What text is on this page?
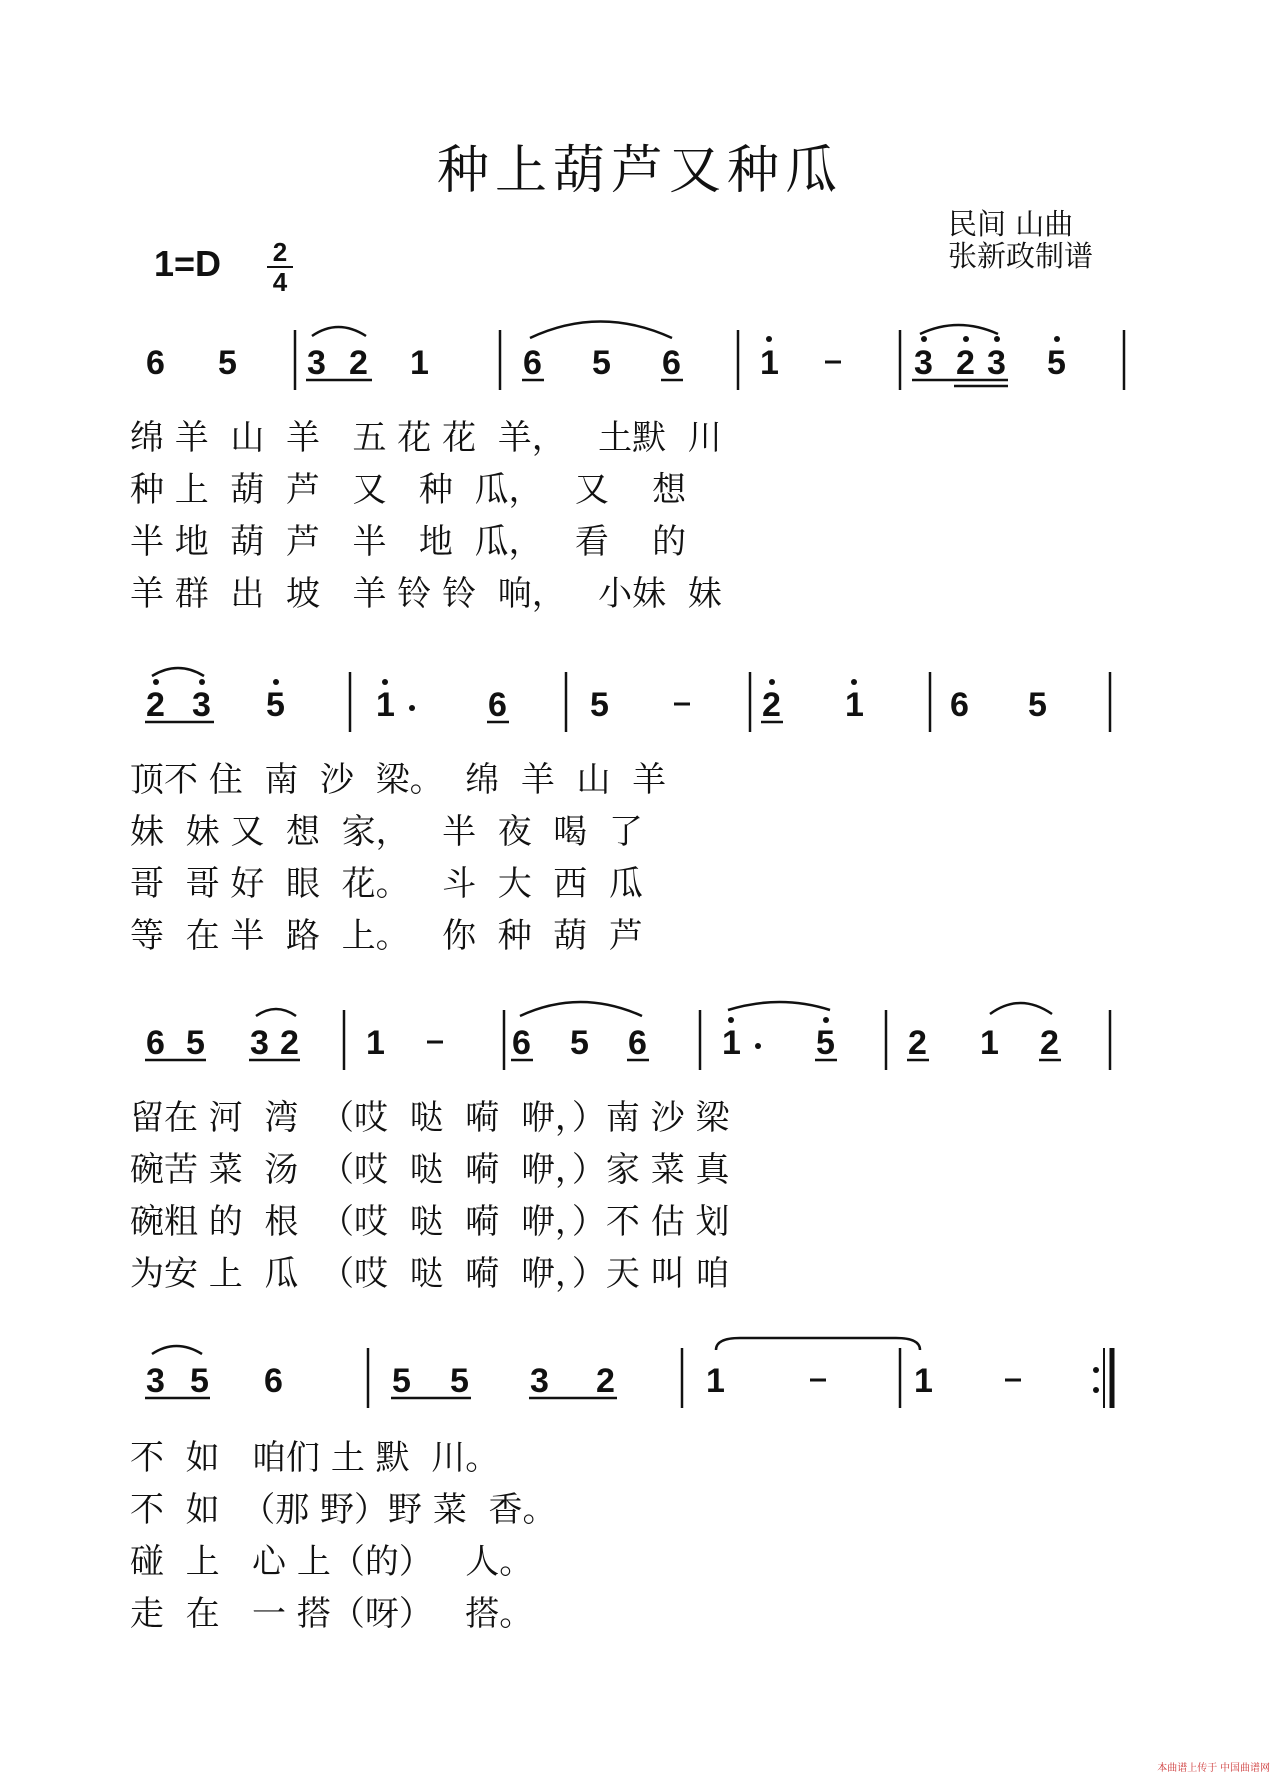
种上葫芦又种瓜
1=D 2
4
民间 山曲
张新政制谱
6 5 3 2 1	6 5 6 1	3 2 3 5
2 3 5	1	6 5	2 1	6 5
6 5 3 2 1	6 5 6 1 5 2 1 2
3 5 6	5 5 3 2	1	1
绵 羊  山  羊   五 花 花  羊，   土默  川
种 上  葫  芦   又   种  瓜，   又    想
半 地  葫  芦   半   地  瓜，   看    的
羊 群  出  坡   羊 铃 铃  响，   小妹  妹
顶不 住  南  沙  梁。  绵  羊  山  羊
妹  妹 又  想  家，   半  夜  喝  了
哥  哥 好  眼  花。   斗  大  西  瓜
等  在 半  路  上。   你  种  葫  芦
留在 河  湾  （哎  哒  嗬  咿，）南 沙 梁
碗苦 菜  汤  （哎  哒  嗬  咿，）家 菜 真
碗粗 的  根  （哎  哒  嗬  咿，）不 估 划
为安 上  瓜  （哎  哒  嗬  咿，）天 叫 咱
不  如   咱们 土 默  川。
不  如  （那 野）野 菜  香。
碰  上   心 上（的）   人。
走  在   一 搭（呀）   搭。
本曲谱上传于 中国曲谱网
